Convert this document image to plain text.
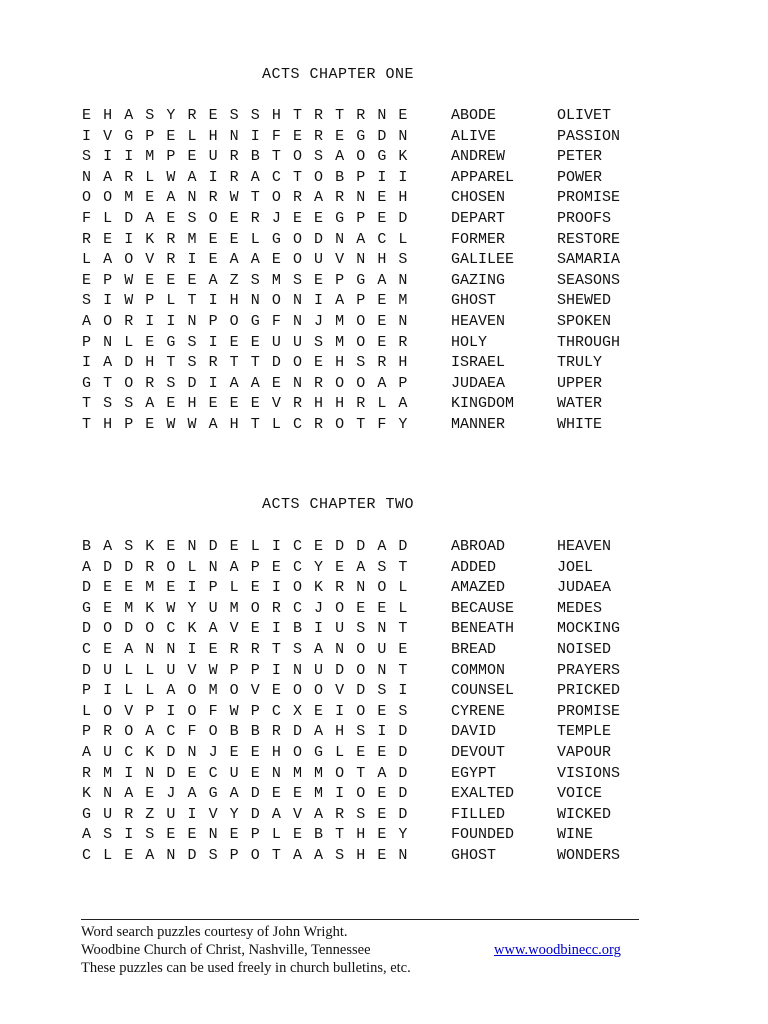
ACTS CHAPTER ONE
E H A S Y R E S S H T R T R N E
I V G P E L H N I F E R E G D N
S I I M P E U R B T O S A O G K
N A R L W A I R A C T O B P I I
O O M E A N R W T O R A R N E H
F L D A E S O E R J E E G P E D
R E I K R M E E L G O D N A C L
L A O V R I E A A E O U V N H S
E P W E E E A Z S M S E P G A N
S I W P L T I H N O N I A P E M
A O R I I N P O G F N J M O E N
P N L E G S I E E U U S M O E R
I A D H T S R T T D O E H S R H
G T O R S D I A A E N R O O A P
T S S A E H E E E V R H H R L A
T H P E W W A H T L C R O T F Y
ABODE	OLIVET
ALIVE	PASSION
ANDREW	PETER
APPAREL	POWER
CHOSEN	PROMISE
DEPART	PROOFS
FORMER	RESTORE
GALILEE	SAMARIA
GAZING	SEASONS
GHOST	SHEWED
HEAVEN	SPOKEN
HOLY	THROUGH
ISRAEL	TRULY
JUDAEA	UPPER
KINGDOM	WATER
MANNER	WHITE
ACTS CHAPTER TWO
B A S K E N D E L I C E D D A D
A D D R O L N A P E C Y E A S T
D E E M E I P L E I O K R N O L
G E M K W Y U M O R C J O E E L
D O D O C K A V E I B I U S N T
C E A N N I E R R T S A N O U E
D U L L U V W P P I N U D O N T
P I L L A O M O V E O O V D S I
L O V P I O F W P C X E I O E S
P R O A C F O B B R D A H S I D
A U C K D N J E E H O G L E E D
R M I N D E C U E N M M O T A D
K N A E J A G A D E E M I O E D
G U R Z U I V Y D A V A R S E D
A S I S E E N E P L E B T H E Y
C L E A N D S P O T A A S H E N
ABROAD	HEAVEN
ADDED	JOEL
AMAZED	JUDAEA
BECAUSE	MEDES
BENEATH	MOCKING
BREAD	NOISED
COMMON	PRAYERS
COUNSEL	PRICKED
CYRENE	PROMISE
DAVID	TEMPLE
DEVOUT	VAPOUR
EGYPT	VISIONS
EXALTED	VOICE
FILLED	WICKED
FOUNDED	WINE
GHOST	WONDERS
Word search puzzles courtesy of John Wright.
Woodbine Church of Christ, Nashville, Tennessee
These puzzles can be used freely in church bulletins, etc.
www.woodbinecc.org
